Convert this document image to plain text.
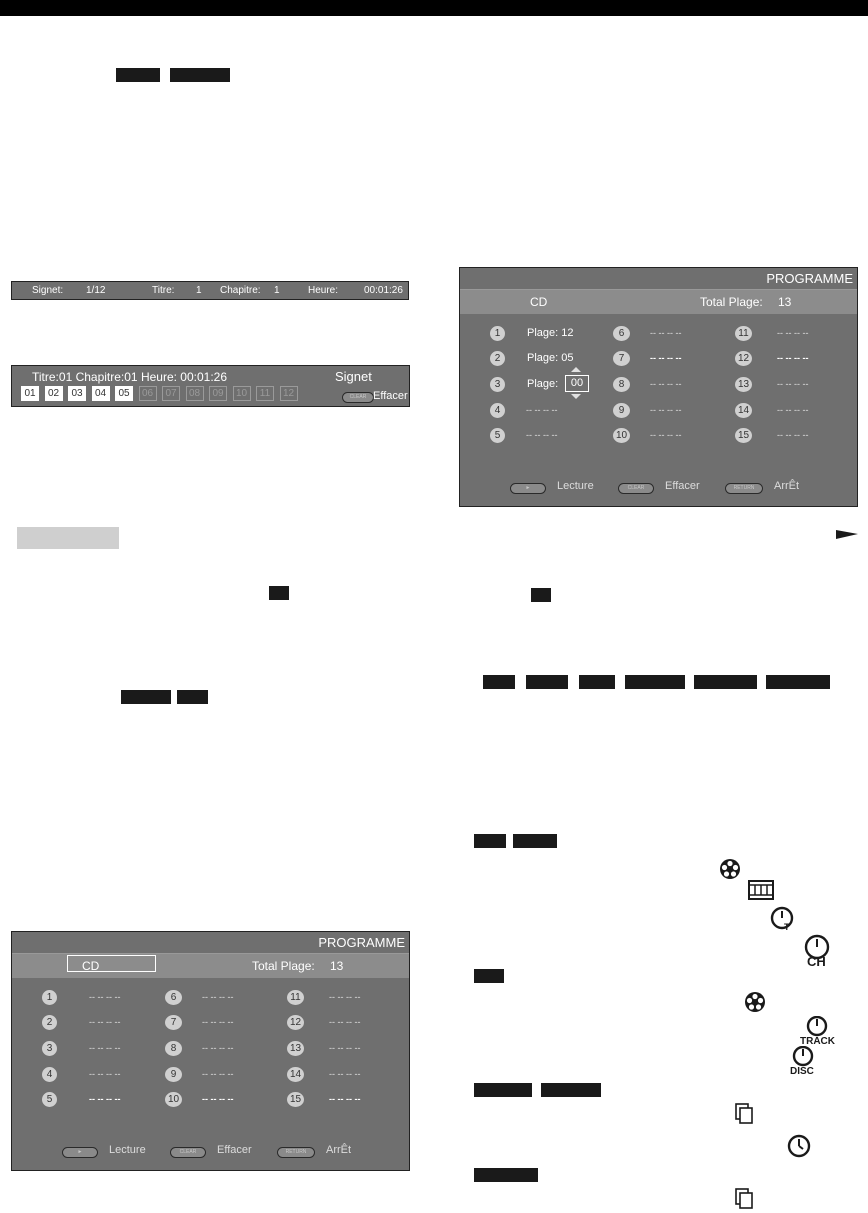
Signet: 1/12	Titre: 1 Chapitre: 1	Heure:	00:01:26
Titre:01 Chapitre:01 Heure: 00:01:26	Signet
CLEAR Effacer
01	02	03	04	05	06	07	08	09	10	11	12
PROGRAMME
CD	Total Plage: 13
1	-- -- -- --
2	-- -- -- --
3	-- -- -- --
4	-- -- -- --
5	-- -- -- --
6	-- -- -- --
7	-- -- -- --
8	-- -- -- --
9	-- -- -- --
10	-- -- -- --
11	-- -- -- --
12	-- -- -- --
13	-- -- -- --
14	-- -- -- --
15	-- -- -- --
►	Lecture	CLEAR	Effacer	RETURN	ArrÊt
PROGRAMME
CD	Total Plage: 13
00
1	Plage: 12
2	Plage: 05
3	Plage:
4	-- -- -- --
5	-- -- -- --
6	-- -- -- --
7	-- -- -- --
8	-- -- -- --
9	-- -- -- --
10	-- -- -- --
11	-- -- -- --
12	-- -- -- --
13	-- -- -- --
14	-- -- -- --
15	-- -- -- --
►	Lecture	CLEAR	Effacer	RETURN	ArrÊt
T
CH
TRACK
DISC
